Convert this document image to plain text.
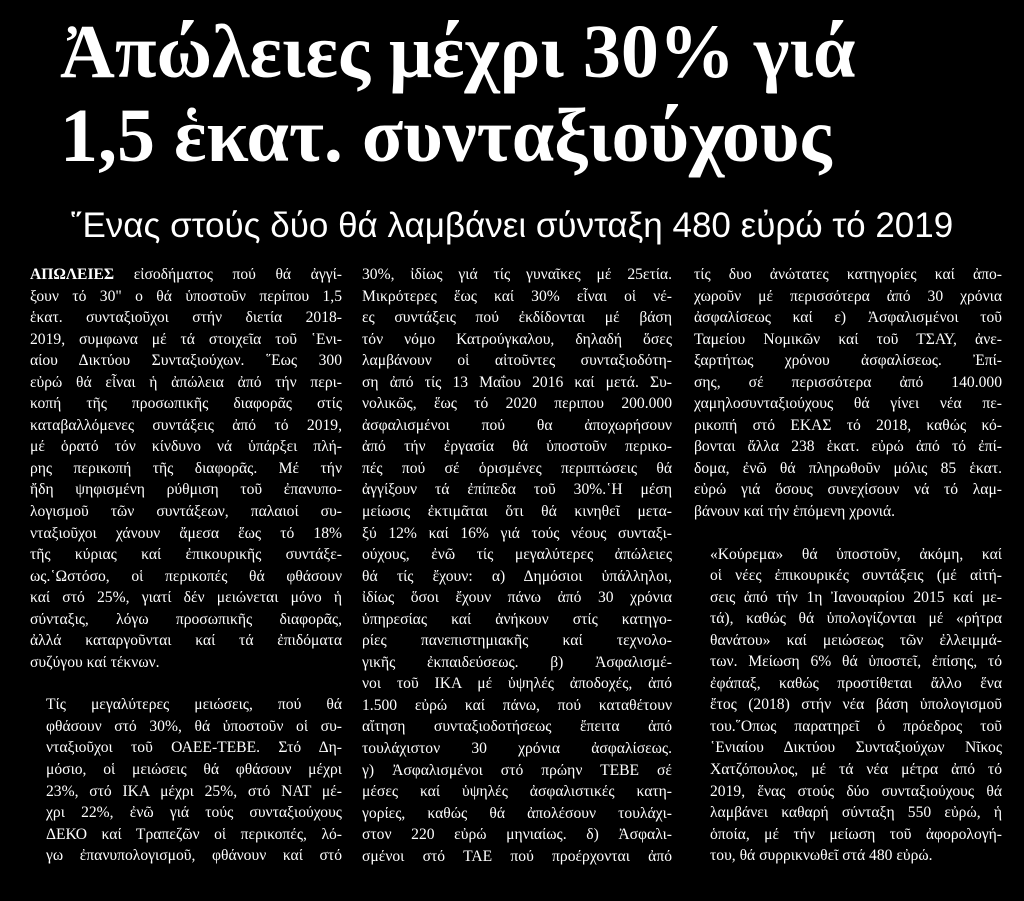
Ἀπώλειες μέχρι 30% γιά
1,5 ἑκατ. συνταξιούχους
῞Ενας στούς δύο θά λαμβάνει σύνταξη 480 εὐρώ τό 2019

ΑΠΩΛΕΙΕΣ εἰσοδήματος πού θά ἀγγί-
ξουν τό 30" ο θά ὑποστοῦν περίπου 1,5
ἑκατ. συνταξιοῦχοι στήν διετία 2018-
2019, συμφωνα μέ τά στοιχεῖα τοῦ ῾Ενι-
αίου Δικτύου Συνταξιούχων. ῞Εως 300
εὐρώ θά εἶναι ἡ ἀπώλεια ἀπό τήν περι-
κοπή τῆς προσωπικῆς διαφορᾶς στίς
καταβαλλόμενες συντάξεις ἀπό τό 2019,
μέ ὁρατό τόν κίνδυνο νά ὑπάρξει πλή-
ρης περικοπή τῆς διαφορᾶς. Μέ τήν
ἤδη ψηφισμένη ρύθμιση τοῦ ἐπανυπο-
λογισμοῦ τῶν συντάξεων, παλαιοί συ-
νταξιοῦχοι χάνουν ἄμεσα ἕως τό 18%
τῆς κύριας καί ἐπικουρικῆς συντάξε-
ως.῾Ωστόσο, οἱ περικοπές θά φθάσουν
καί στό 25%, γιατί δέν μειώνεται μόνο ἡ
σύνταξις, λόγω προσωπικῆς διαφορᾶς,
ἀλλά καταργοῦνται καί τά ἐπιδόματα
συζύγου καί τέκνων.

Τίς μεγαλύτερες μειώσεις, πού θά
φθάσουν στό 30%, θά ὑποστοῦν οἱ συ-
νταξιοῦχοι τοῦ ΟΑΕΕ-ΤΕΒΕ. Στό Δη-
μόσιο, οἱ μειώσεις θά φθάσουν μέχρι
23%, στό ΙΚΑ μέχρι 25%, στό ΝΑΤ μέ-
χρι 22%, ἐνῶ γιά τούς συνταξιούχους
ΔΕΚΟ καί Τραπεζῶν οἱ περικοπές, λό-
γω ἐπανυπολογισμοῦ, φθάνουν καί στό

30%, ἰδίως γιά τίς γυναῖκες μέ 25ετία.
Μικρότερες ἕως καί 30% εἶναι οἱ νέ-
ες συντάξεις πού ἐκδίδονται μέ βάση
τόν νόμο Κατρούγκαλου, δηλαδή ὅσες
λαμβάνουν οἱ αἰτοῦντες συνταξιοδότη-
ση ἀπό τίς 13 Μαΐου 2016 καί μετά. Συ-
νολικῶς, ἕως τό 2020 περιπου 200.000
ἀσφαλισμένοι πού θα ἀποχωρήσουν
ἀπό τήν ἐργασία θά ὑποστοῦν περικο-
πές πού σέ ὁρισμένες περιπτώσεις θά
ἀγγίξουν τά ἐπίπεδα τοῦ 30%.῾Η μέση
μείωσις ἐκτιμᾶται ὅτι θά κινηθεῖ μετα-
ξύ 12% καί 16% γιά τούς νέους συνταξι-
ούχους, ἐνῶ τίς μεγαλύτερες ἀπώλειες
θά τίς ἔχουν: α) Δημόσιοι ὑπάλληλοι,
ἰδίως ὅσοι ἔχουν πάνω ἀπό 30 χρόνια
ὑπηρεσίας καί ἀνήκουν στίς κατηγο-
ρίες πανεπιστημιακῆς καί τεχνολο-
γικῆς ἐκπαιδεύσεως. β) Ἀσφαλισμέ-
νοι τοῦ ΙΚΑ μέ ὑψηλές ἀποδοχές, ἀπό
1.500 εὐρώ καί πάνω, πού καταθέτουν
αἴτηση συνταξιοδοτήσεως ἔπειτα ἀπό
τουλάχιστον 30 χρόνια ἀσφαλίσεως.
γ) Ἀσφαλισμένοι στό πρώην ΤΕΒΕ σέ
μέσες καί ὑψηλές ἀσφαλιστικές κατη-
γορίες, καθώς θά ἀπολέσουν τουλάχι-
στον 220 εὐρώ μηνιαίως. δ) Ἀσφαλι-
σμένοι στό ΤΑΕ πού προέρχονται ἀπό

τίς δυο ἀνώτατες κατηγορίες καί ἀπο-
χωροῦν μέ περισσότερα ἀπό 30 χρόνια
ἀσφαλίσεως καί ε) Ἀσφαλισμένοι τοῦ
Ταμείου Νομικῶν καί τοῦ ΤΣΑΥ, ἀνε-
ξαρτήτως χρόνου ἀσφαλίσεως. Ἐπί-
σης, σέ περισσότερα ἀπό 140.000
χαμηλοσυνταξιούχους θά γίνει νέα πε-
ρικοπή στό ΕΚΑΣ τό 2018, καθώς κό-
βονται ἄλλα 238 ἑκατ. εὐρώ ἀπό τό ἐπί-
δομα, ἐνῶ θά πληρωθοῦν μόλις 85 ἑκατ.
εὐρώ γιά ὅσους συνεχίσουν νά τό λαμ-
βάνουν καί τήν ἑπόμενη χρονιά.

«Κούρεμα» θά ὑποστοῦν, ἀκόμη, καί
οἱ νέες ἐπικουρικές συντάξεις (μέ αἰτή-
σεις ἀπό τήν 1η Ἰανουαρίου 2015 καί με-
τά), καθώς θά ὑπολογίζονται μέ «ρήτρα
θανάτου» καί μειώσεως τῶν ἐλλειμμά-
των. Μείωση 6% θά ὑποστεῖ, ἐπίσης, τό
ἐφάπαξ, καθώς προστίθεται ἄλλο ἕνα
ἔτος (2018) στήν νέα βάση ὑπολογισμοῦ
του.῞Οπως παρατηρεῖ ὁ πρόεδρος τοῦ
῾Ενιαίου Δικτύου Συνταξιούχων Νῖκος
Χατζόπουλος, μέ τά νέα μέτρα ἀπό τό
2019, ἕνας στούς δύο συνταξιούχους θά
λαμβάνει καθαρή σύνταξη 550 εὐρώ, ἡ
ὁποία, μέ τήν μείωση τοῦ ἀφορολογή-
του, θά συρρικνωθεῖ στά 480 εὐρώ.
